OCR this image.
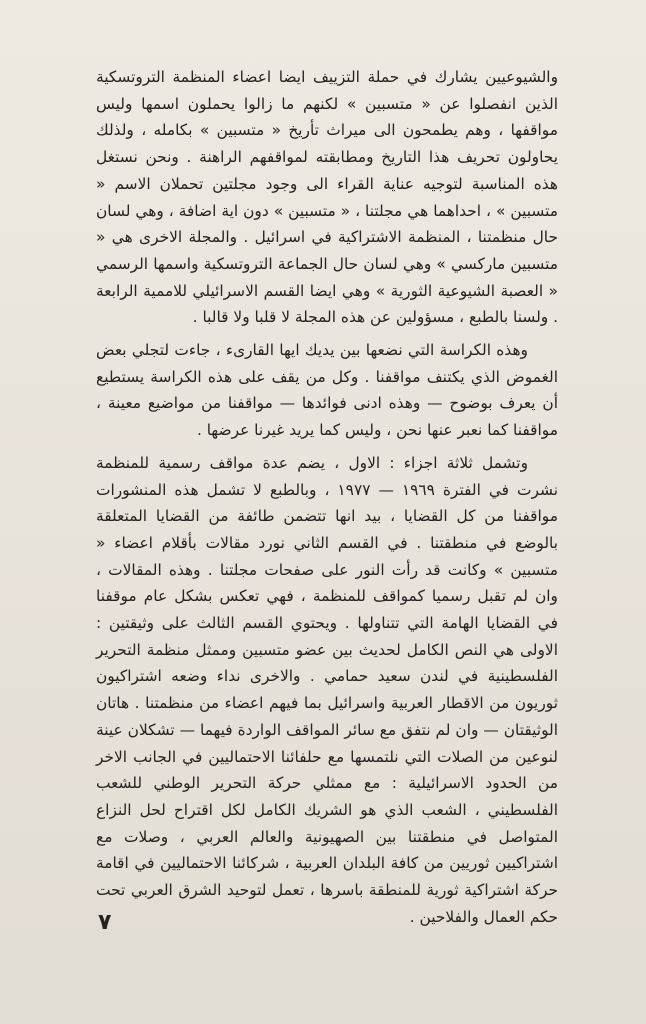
والشيوعيين يشارك في حملة التزييف ايضا اعضاء المنظمة التروتسكية الذين انفصلوا عن « متسبين » لكنهم ما زالوا يحملون اسمها وليس مواقفها ، وهم يطمحون الى ميراث تأريخ « متسبين » بكامله ، ولذلك يحاولون تحريف هذا التاريخ ومطابقته لمواقفهم الراهنة . ونحن نستغل هذه المناسبة لتوجيه عناية القراء الى وجود مجلتين تحملان الاسم « متسبين » ، احداهما هي مجلتنا ، « متسبين » دون اية اضافة ، وهي لسان حال منظمتنا ، المنظمة الاشتراكية في اسرائيل . والمجلة الاخرى هي « متسبين ماركسي » وهي لسان حال الجماعة التروتسكية واسمها الرسمي « العصبة الشيوعية الثورية » وهي ايضا القسم الاسرائيلي للاممية الرابعة . ولسنا بالطبع ، مسؤولين عن هذه المجلة لا قلبا ولا قالبا .

وهذه الكراسة التي نضعها بين يديك ايها القارىء ، جاءت لتجلي بعض الغموض الذي يكتنف مواقفنا . وكل من يقف على هذه الكراسة يستطيع أن يعرف بوضوح — وهذه ادنى فوائدها — مواقفنا من مواضيع معينة ، مواقفنا كما نعبر عنها نحن ، وليس كما يريد غيرنا عرضها .

وتشمل ثلاثة اجزاء : الاول ، يضم عدة مواقف رسمية للمنظمة نشرت في الفترة ١٩٦٩ — ١٩٧٧ ، وبالطبع لا تشمل هذه المنشورات مواقفنا من كل القضايا ، بيد انها تتضمن طائفة من القضايا المتعلقة بالوضع في منطقتنا . في القسم الثاني نورد مقالات بأقلام اعضاء « متسبين » وكانت قد رأت النور على صفحات مجلتنا . وهذه المقالات ، وان لم تقبل رسميا كمواقف للمنظمة ، فهي تعكس بشكل عام موقفنا في القضايا الهامة التي تتناولها . ويحتوي القسم الثالث على وثيقتين : الاولى هي النص الكامل لحديث بين عضو متسبين وممثل منظمة التحرير الفلسطينية في لندن سعيد حمامي . والاخرى نداء وضعه اشتراكيون ثوريون من الاقطار العربية واسرائيل بما فيهم اعضاء من منظمتنا . هاتان الوثيقتان — وان لم نتفق مع سائر المواقف الواردة فيهما — تشكلان عينة لنوعين من الصلات التي نلتمسها مع حلفائنا الاحتماليين في الجانب الاخر من الحدود الاسرائيلية : مع ممثلي حركة التحرير الوطني للشعب الفلسطيني ، الشعب الذي هو الشريك الكامل لكل اقتراح لحل النزاع المتواصل في منطقتنا بين الصهيونية والعالم العربي ، وصلات مع اشتراكيين ثوريين من كافة البلدان العربية ، شركائنا الاحتماليين في اقامة حركة اشتراكية ثورية للمنطقة باسرها ، تعمل لتوحيد الشرق العربي تحت حكم العمال والفلاحين .

٧
